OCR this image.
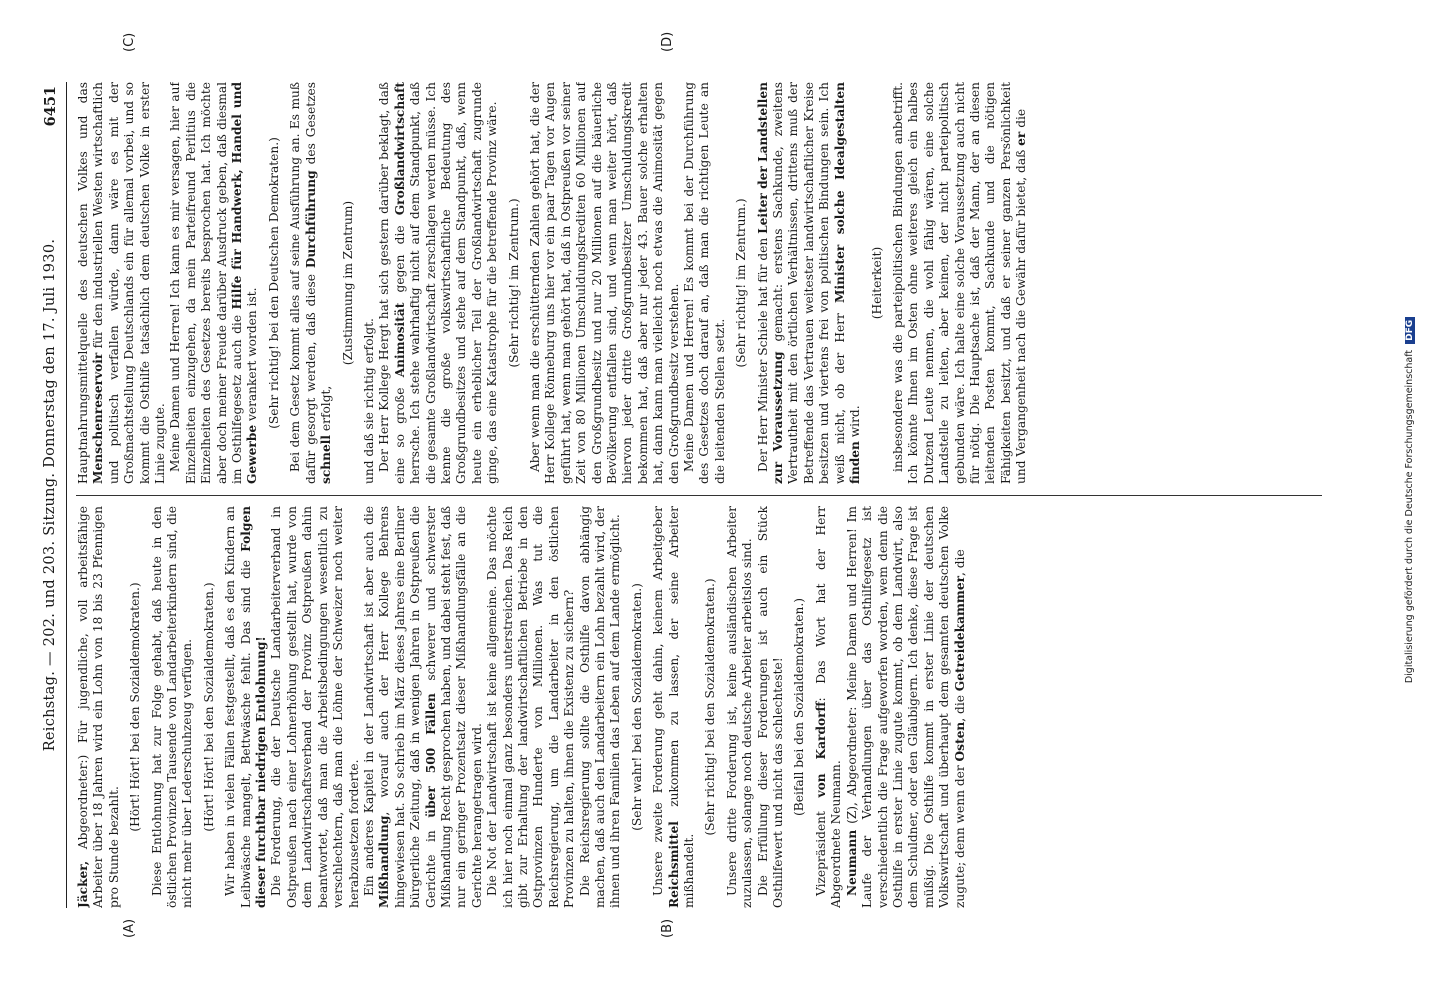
Reichstag. — 202. und 203. Sitzung. Donnerstag den 17. Juli 1930.
6451
(A)	(B)
(C)	(D)

Jäcker, Abgeordneter:) Für jugendliche, voll arbeitsfähige Arbeiter über 18 Jahren wird ein Lohn von 18 bis 23 Pfennigen pro Stunde bezahlt.

(Hört! Hört! bei den Sozialdemokraten.) Diese Entlohnung hat zur Folge gehabt, daß heute in den östlichen Provinzen Tausende von Landarbeiterkindern sind, die nicht mehr über Lederschuhzeug verfügen. (Hört! Hört! bei den Sozialdemokraten.) Wir haben in vielen Fällen festgestellt, daß es den Kindern an Leibwäsche mangelt, Bettwäsche fehlt. Das sind die Folgen dieser furchtbar niedrigen Entlohnung! Die Forderung, die der Deutsche Landarbeiterverband in Ostpreußen nach einer Lohnerhöhung gestellt hat, wurde von dem Landwirtschaftsverband der Provinz Ostpreußen dahin beantwortet, daß man die Arbeitsbedingungen wesentlich zu verschlechtern, daß man die Löhne der Schweizer noch weiter herabzusetzen forderte. Ein anderes Kapitel in der Landwirtschaft ist aber auch die Mißhandlung, worauf auch der Herr Kollege Behrens hingewiesen hat. So schrieb im März dieses Jahres eine Berliner bürgerliche Zeitung, daß in wenigen Jahren in Ostpreußen die Gerichte in über 500 Fällen schwerer und schwerster Mißhandlung Recht gesprochen haben, und dabei steht fest, daß nur ein geringer Prozentsatz dieser Mißhandlungsfälle an die Gerichte herangetragen wird. Die Not der Landwirtschaft ist keine allgemeine. Das möchte ich hier noch einmal ganz besonders unterstreichen. Das Reich gibt zur Erhaltung der landwirtschaftlichen Betriebe in den Ostprovinzen Hunderte von Millionen. Was tut die Reichsregierung, um die Landarbeiter in den östlichen Provinzen zu halten, ihnen die Existenz zu sichern? Die Reichsregierung sollte die Osthilfe davon abhängig machen, daß auch den Landarbeitern ein Lohn bezahlt wird, der ihnen und ihren Familien das Leben auf dem Lande ermöglicht. (Sehr wahr! bei den Sozialdemokraten.) Unsere zweite Forderung geht dahin, keinem Arbeitgeber Reichsmittel zukommen zu lassen, der seine Arbeiter mißhandelt.

(Sehr richtig! bei den Sozialdemokraten.) Unsere dritte Forderung ist, keine ausländischen Arbeiter zuzulassen, solange noch deutsche Arbeiter arbeitslos sind. Die Erfüllung dieser Forderungen ist auch ein Stück Osthilfewert und nicht das schlechteste! (Beifall bei den Sozialdemokraten.)

Vizepräsident von Kardorff: Das Wort hat der Herr Abgeordnete Neumann. Neumann (Z), Abgeordneter: Meine Damen und Herren! Im Laufe der Verhandlungen über das Osthilfegesetz ist verschiedentlich die Frage aufgeworfen worden, wem denn die Osthilfe in erster Linie zugute kommt, ob dem Landwirt, also dem Schuldner, oder den Gläubigern. Ich denke, diese Frage ist müßig. Die Osthilfe kommt in erster Linie der deutschen Volkswirtschaft und überhaupt dem gesamten deutschen Volke zugute; denn wenn der Osten, die Getreidekammer, die

Hauptnahrungsmittelquelle des deutschen Volkes und das Menschenreservoir für den industriellen Westen wirtschaftlich und politisch verfallen würde, dann wäre es mit der Großmachtstellung Deutschlands ein für allemal vorbei, und so kommt die Osthilfe tatsächlich dem deutschen Volke in erster Linie zugute. Meine Damen und Herren! Ich kann es mir versagen, hier auf Einzelheiten einzugehen, da mein Parteifreund Perlitius die Einzelheiten des Gesetzes bereits besprochen hat. Ich möchte aber doch meiner Freude darüber Ausdruck geben, daß diesmal im Osthilfegesetz auch die Hilfe für Handwerk, Handel und Gewerbe verankert worden ist. (Sehr richtig! bei den Deutschen Demokraten.) Bei dem Gesetz kommt alles auf seine Ausführung an. Es muß dafür gesorgt werden, daß diese Durchführung des Gesetzes schnell erfolgt,

(Zustimmung im Zentrum)

und daß sie richtig erfolgt. Der Herr Kollege Hergt hat sich gestern darüber beklagt, daß eine so große Animosität gegen die Großlandwirtschaft herrsche. Ich stehe wahrhaftig nicht auf dem Standpunkt, daß die gesamte Großlandwirtschaft zerschlagen werden müsse. Ich kenne die große volkswirtschaftliche Bedeutung des Großgrundbesitzes und stehe auf dem Standpunkt, daß, wenn heute ein erheblicher Teil der Großlandwirtschaft zugrunde ginge, das eine Katastrophe für die betreffende Provinz wäre. (Sehr richtig! im Zentrum.) Aber wenn man die erschütternden Zahlen gehört hat, die der Herr Kollege Rönneburg uns hier vor ein paar Tagen vor Augen geführt hat, wenn man gehört hat, daß in Ostpreußen vor seiner Zeit von 80 Millionen Umschuldungskrediten 60 Millionen auf den Großgrundbesitz und nur 20 Millionen auf die bäuerliche Bevölkerung entfallen sind, und wenn man weiter hört, daß hiervon jeder dritte Großgrundbesitzer Umschuldungskredit bekommen hat, daß aber nur jeder 43. Bauer solche erhalten hat, dann kann man vielleicht noch etwas die Animosität gegen den Großgrundbesitz verstehen. Meine Damen und Herren! Es kommt bei der Durchführung des Gesetzes doch darauf an, daß man die richtigen Leute an die leitenden Stellen setzt.

(Sehr richtig! im Zentrum.) Der Herr Minister Schiele hat für den Leiter der Landstellen zur Voraussetzung gemacht: erstens Sachkunde, zweitens Vertrautheit mit den örtlichen Verhältnissen, drittens muß der Betreffende das Vertrauen weitester landwirtschaftlicher Kreise besitzen und viertens frei von politischen Bindungen sein. Ich weiß nicht, ob der Herr Minister solche Idealgestalten finden wird.

(Heiterkeit) insbesondere was die parteipolitischen Bindungen anbetrifft. Ich könnte Ihnen im Osten ohne weiteres gleich ein halbes Dutzend Leute nennen, die wohl fähig wären, eine solche Landstelle zu leiten, aber keinen, der nicht parteipolitisch gebunden wäre. Ich halte eine solche Voraussetzung auch nicht für nötig. Die Hauptsache ist, daß der Mann, der an diesen leitenden Posten kommt, Sachkunde und die nötigen Fähigkeiten besitzt, und daß er seiner ganzen Persönlichkeit und Vergangenheit nach die Gewähr dafür bietet, daß er die

Digitalisierung gefördert durch die Deutsche ForschungsgemeinschaftDFG
